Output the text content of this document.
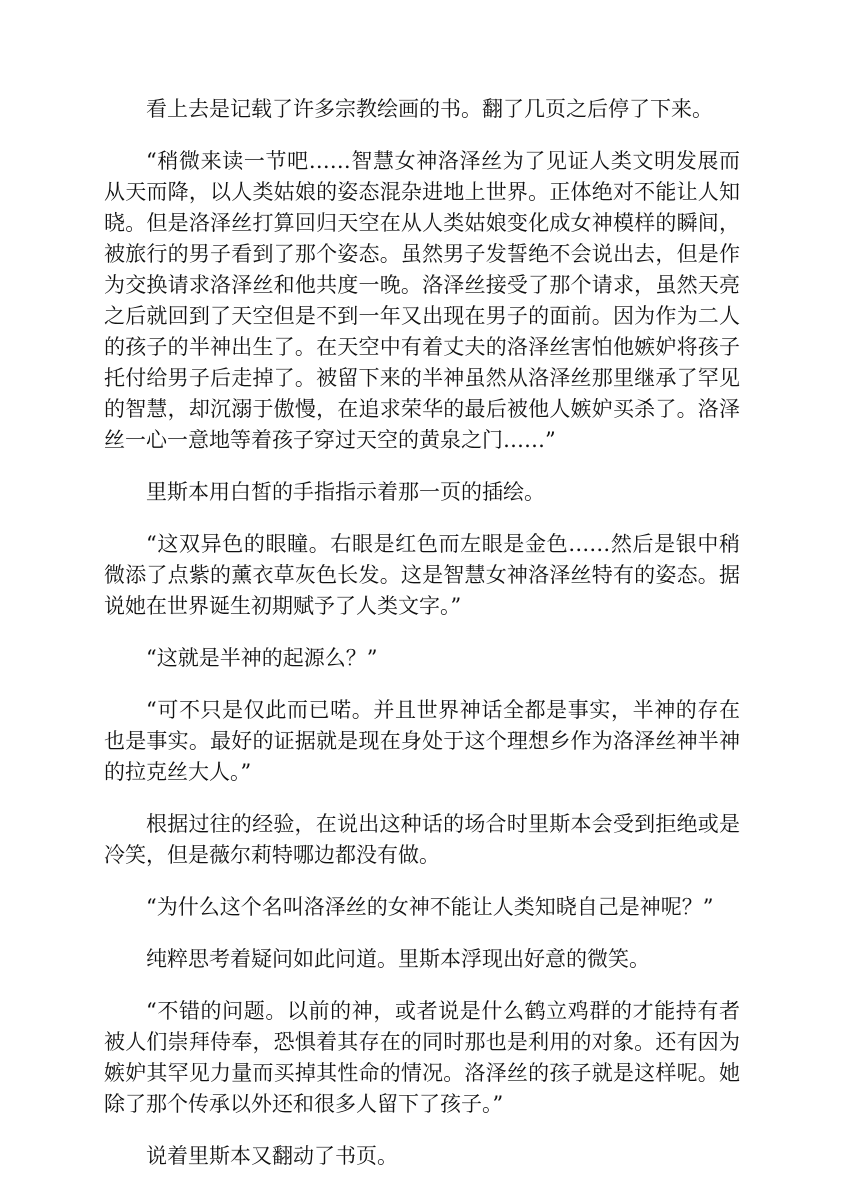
看上去是记载了许多宗教绘画的书。翻了几页之后停了下来。

“稍微来读一节吧……智慧女神洛泽丝为了见证人类文明发展而从天而降，以人类姑娘的姿态混杂进地上世界。正体绝对不能让人知晓。但是洛泽丝打算回归天空在从人类姑娘变化成女神模样的瞬间，被旅行的男子看到了那个姿态。虽然男子发誓绝不会说出去，但是作为交换请求洛泽丝和他共度一晚。洛泽丝接受了那个请求，虽然天亮之后就回到了天空但是不到一年又出现在男子的面前。因为作为二人的孩子的半神出生了。在天空中有着丈夫的洛泽丝害怕他嫉妒将孩子托付给男子后走掉了。被留下来的半神虽然从洛泽丝那里继承了罕见的智慧，却沉溺于傲慢，在追求荣华的最后被他人嫉妒买杀了。洛泽丝一心一意地等着孩子穿过天空的黄泉之门……”

里斯本用白皙的手指指示着那一页的插绘。

“这双异色的眼瞳。右眼是红色而左眼是金色……然后是银中稍微添了点紫的薰衣草灰色长发。这是智慧女神洛泽丝特有的姿态。据说她在世界诞生初期赋予了人类文字。”

“这就是半神的起源么？”

“可不只是仅此而已喏。并且世界神话全都是事实，半神的存在也是事实。最好的证据就是现在身处于这个理想乡作为洛泽丝神半神的拉克丝大人。”

根据过往的经验，在说出这种话的场合时里斯本会受到拒绝或是冷笑，但是薇尔莉特哪边都没有做。

“为什么这个名叫洛泽丝的女神不能让人类知晓自己是神呢？”

纯粹思考着疑问如此问道。里斯本浮现出好意的微笑。

“不错的问题。以前的神，或者说是什么鹤立鸡群的才能持有者被人们崇拜侍奉，恐惧着其存在的同时那也是利用的对象。还有因为嫉妒其罕见力量而买掉其性命的情况。洛泽丝的孩子就是这样呢。她除了那个传承以外还和很多人留下了孩子。”

说着里斯本又翻动了书页。
